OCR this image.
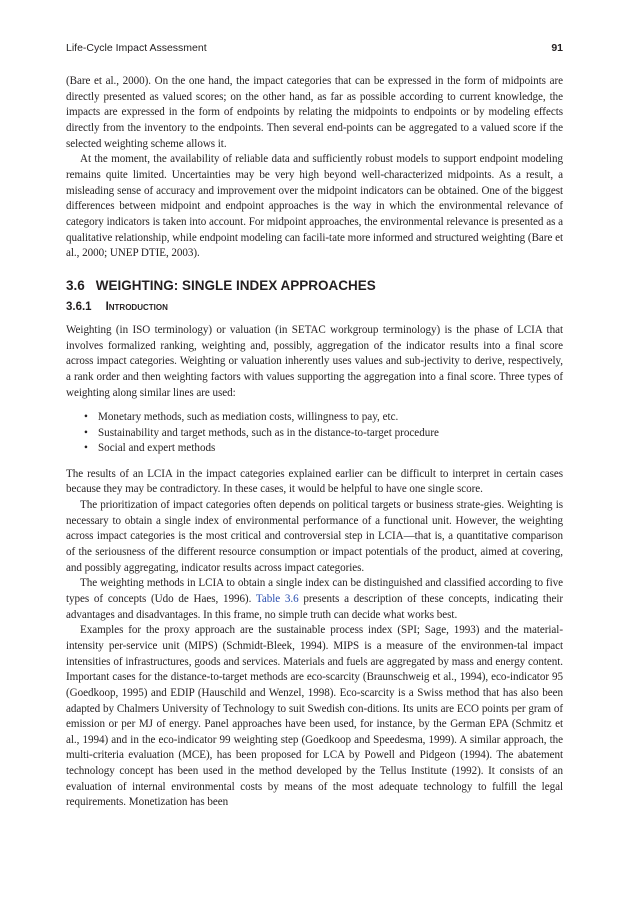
Life-Cycle Impact Assessment	91

(Bare et al., 2000). On the one hand, the impact categories that can be expressed in the form of midpoints are directly presented as valued scores; on the other hand, as far as possible according to current knowledge, the impacts are expressed in the form of endpoints by relating the midpoints to endpoints or by modeling effects directly from the inventory to the endpoints. Then several end-points can be aggregated to a valued score if the selected weighting scheme allows it.

At the moment, the availability of reliable data and sufficiently robust models to support endpoint modeling remains quite limited. Uncertainties may be very high beyond well-characterized midpoints. As a result, a misleading sense of accuracy and improvement over the midpoint indicators can be obtained. One of the biggest differences between midpoint and endpoint approaches is the way in which the environmental relevance of category indicators is taken into account. For midpoint approaches, the environmental relevance is presented as a qualitative relationship, while endpoint modeling can facili-tate more informed and structured weighting (Bare et al., 2000; UNEP DTIE, 2003).

3.6 WEIGHTING: SINGLE INDEX APPROACHES
3.6.1 Introduction

Weighting (in ISO terminology) or valuation (in SETAC workgroup terminology) is the phase of LCIA that involves formalized ranking, weighting and, possibly, aggregation of the indicator results into a final score across impact categories. Weighting or valuation inherently uses values and sub-jectivity to derive, respectively, a rank order and then weighting factors with values supporting the aggregation into a final score. Three types of weighting along similar lines are used:

• Monetary methods, such as mediation costs, willingness to pay, etc.
• Sustainability and target methods, such as in the distance-to-target procedure
• Social and expert methods

The results of an LCIA in the impact categories explained earlier can be difficult to interpret in certain cases because they may be contradictory. In these cases, it would be helpful to have one single score.

The prioritization of impact categories often depends on political targets or business strate-gies. Weighting is necessary to obtain a single index of environmental performance of a functional unit. However, the weighting across impact categories is the most critical and controversial step in LCIA—that is, a quantitative comparison of the seriousness of the different resource consumption or impact potentials of the product, aimed at covering, and possibly aggregating, indicator results across impact categories.

The weighting methods in LCIA to obtain a single index can be distinguished and classified according to five types of concepts (Udo de Haes, 1996). Table 3.6 presents a description of these concepts, indicating their advantages and disadvantages. In this frame, no simple truth can decide what works best.

Examples for the proxy approach are the sustainable process index (SPI; Sage, 1993) and the material-intensity per-service unit (MIPS) (Schmidt-Bleek, 1994). MIPS is a measure of the environmen-tal impact intensities of infrastructures, goods and services. Materials and fuels are aggregated by mass and energy content. Important cases for the distance-to-target methods are eco-scarcity (Braunschweig et al., 1994), eco-indicator 95 (Goedkoop, 1995) and EDIP (Hauschild and Wenzel, 1998). Eco-scarcity is a Swiss method that has also been adapted by Chalmers University of Technology to suit Swedish con-ditions. Its units are ECO points per gram of emission or per MJ of energy. Panel approaches have been used, for instance, by the German EPA (Schmitz et al., 1994) and in the eco-indicator 99 weighting step (Goedkoop and Speedesma, 1999). A similar approach, the multi-criteria evaluation (MCE), has been proposed for LCA by Powell and Pidgeon (1994). The abatement technology concept has been used in the method developed by the Tellus Institute (1992). It consists of an evaluation of internal environmental costs by means of the most adequate technology to fulfill the legal requirements. Monetization has been
